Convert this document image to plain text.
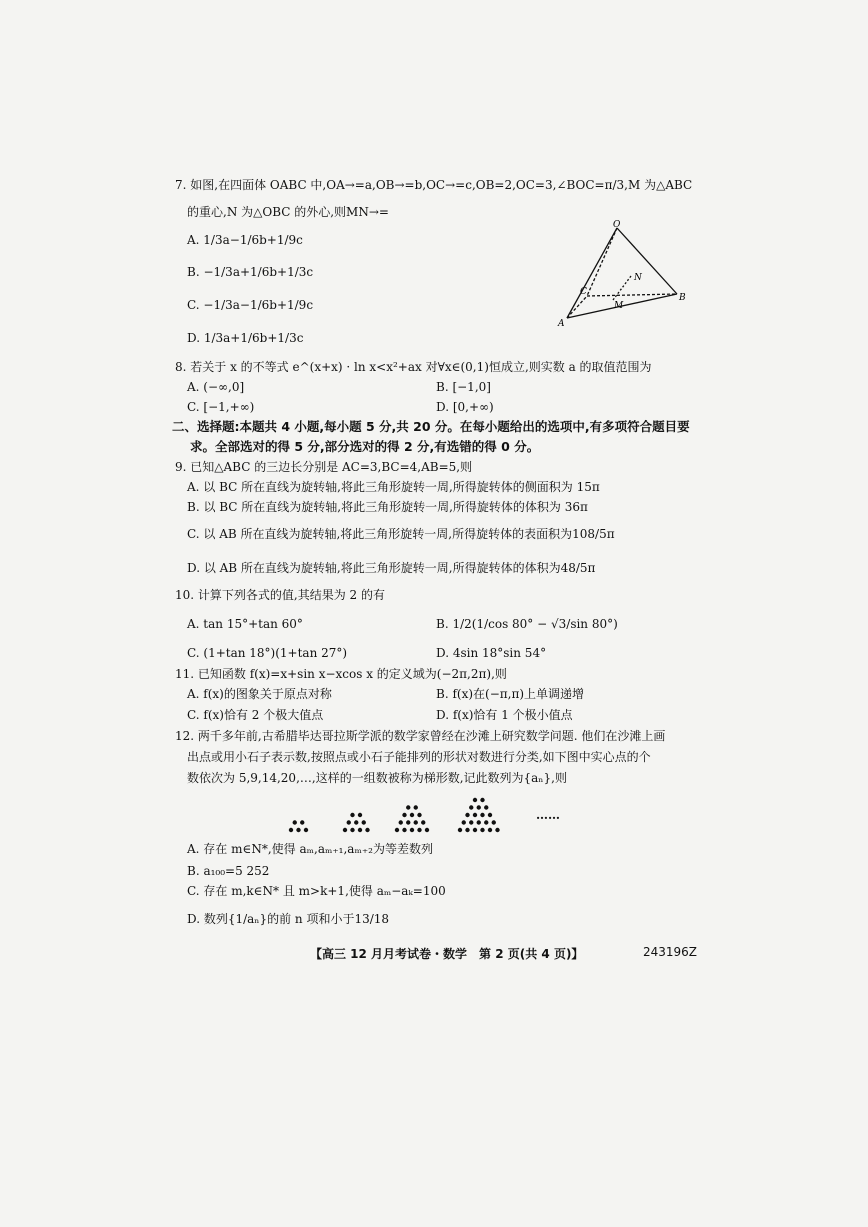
7. 如图,在四面体 OABC 中,OA→=a,OB→=b,OC→=c,OB=2,OC=3,∠BOC=π/3,M 为△ABC
的重心,N 为△OBC 的外心,则MN→=
A. 1/3a−1/6b+1/9c
B. −1/3a+1/6b+1/3c
C. −1/3a−1/6b+1/9c
D. 1/3a+1/6b+1/3c
O
N
C
M
B
A
8. 若关于 x 的不等式 e^(x+x) · ln x<x²+ax 对∀x∈(0,1)恒成立,则实数 a 的取值范围为
A. (−∞,0]	B. [−1,0]
C. [−1,+∞)	D. [0,+∞)
二、选择题:本题共 4 小题,每小题 5 分,共 20 分。在每小题给出的选项中,有多项符合题目要
求。全部选对的得 5 分,部分选对的得 2 分,有选错的得 0 分。
9. 已知△ABC 的三边长分别是 AC=3,BC=4,AB=5,则
A. 以 BC 所在直线为旋转轴,将此三角形旋转一周,所得旋转体的侧面积为 15π
B. 以 BC 所在直线为旋转轴,将此三角形旋转一周,所得旋转体的体积为 36π
C. 以 AB 所在直线为旋转轴,将此三角形旋转一周,所得旋转体的表面积为108/5π
D. 以 AB 所在直线为旋转轴,将此三角形旋转一周,所得旋转体的体积为48/5π
10. 计算下列各式的值,其结果为 2 的有
A. tan 15°+tan 60°	B. 1/2(1/cos 80° − √3/sin 80°)
C. (1+tan 18°)(1+tan 27°)	D. 4sin 18°sin 54°
11. 已知函数 f(x)=x+sin x−xcos x 的定义域为(−2π,2π),则
A. f(x)的图象关于原点对称	B. f(x)在(−π,π)上单调递增
C. f(x)恰有 2 个极大值点	D. f(x)恰有 1 个极小值点
12. 两千多年前,古希腊毕达哥拉斯学派的数学家曾经在沙滩上研究数学问题. 他们在沙滩上画
出点或用小石子表示数,按照点或小石子能排列的形状对数进行分类,如下图中实心点的个
数依次为 5,9,14,20,…,这样的一组数被称为梯形数,记此数列为{aₙ},则
……
A. 存在 m∈N*,使得 aₘ,aₘ₊₁,aₘ₊₂为等差数列
B. a₁₀₀=5 252
C. 存在 m,k∈N* 且 m>k+1,使得 aₘ−aₖ=100
D. 数列{1/aₙ}的前 n 项和小于13/18
【高三 12 月月考试卷・数学　第 2 页(共 4 页)】	243196Z
